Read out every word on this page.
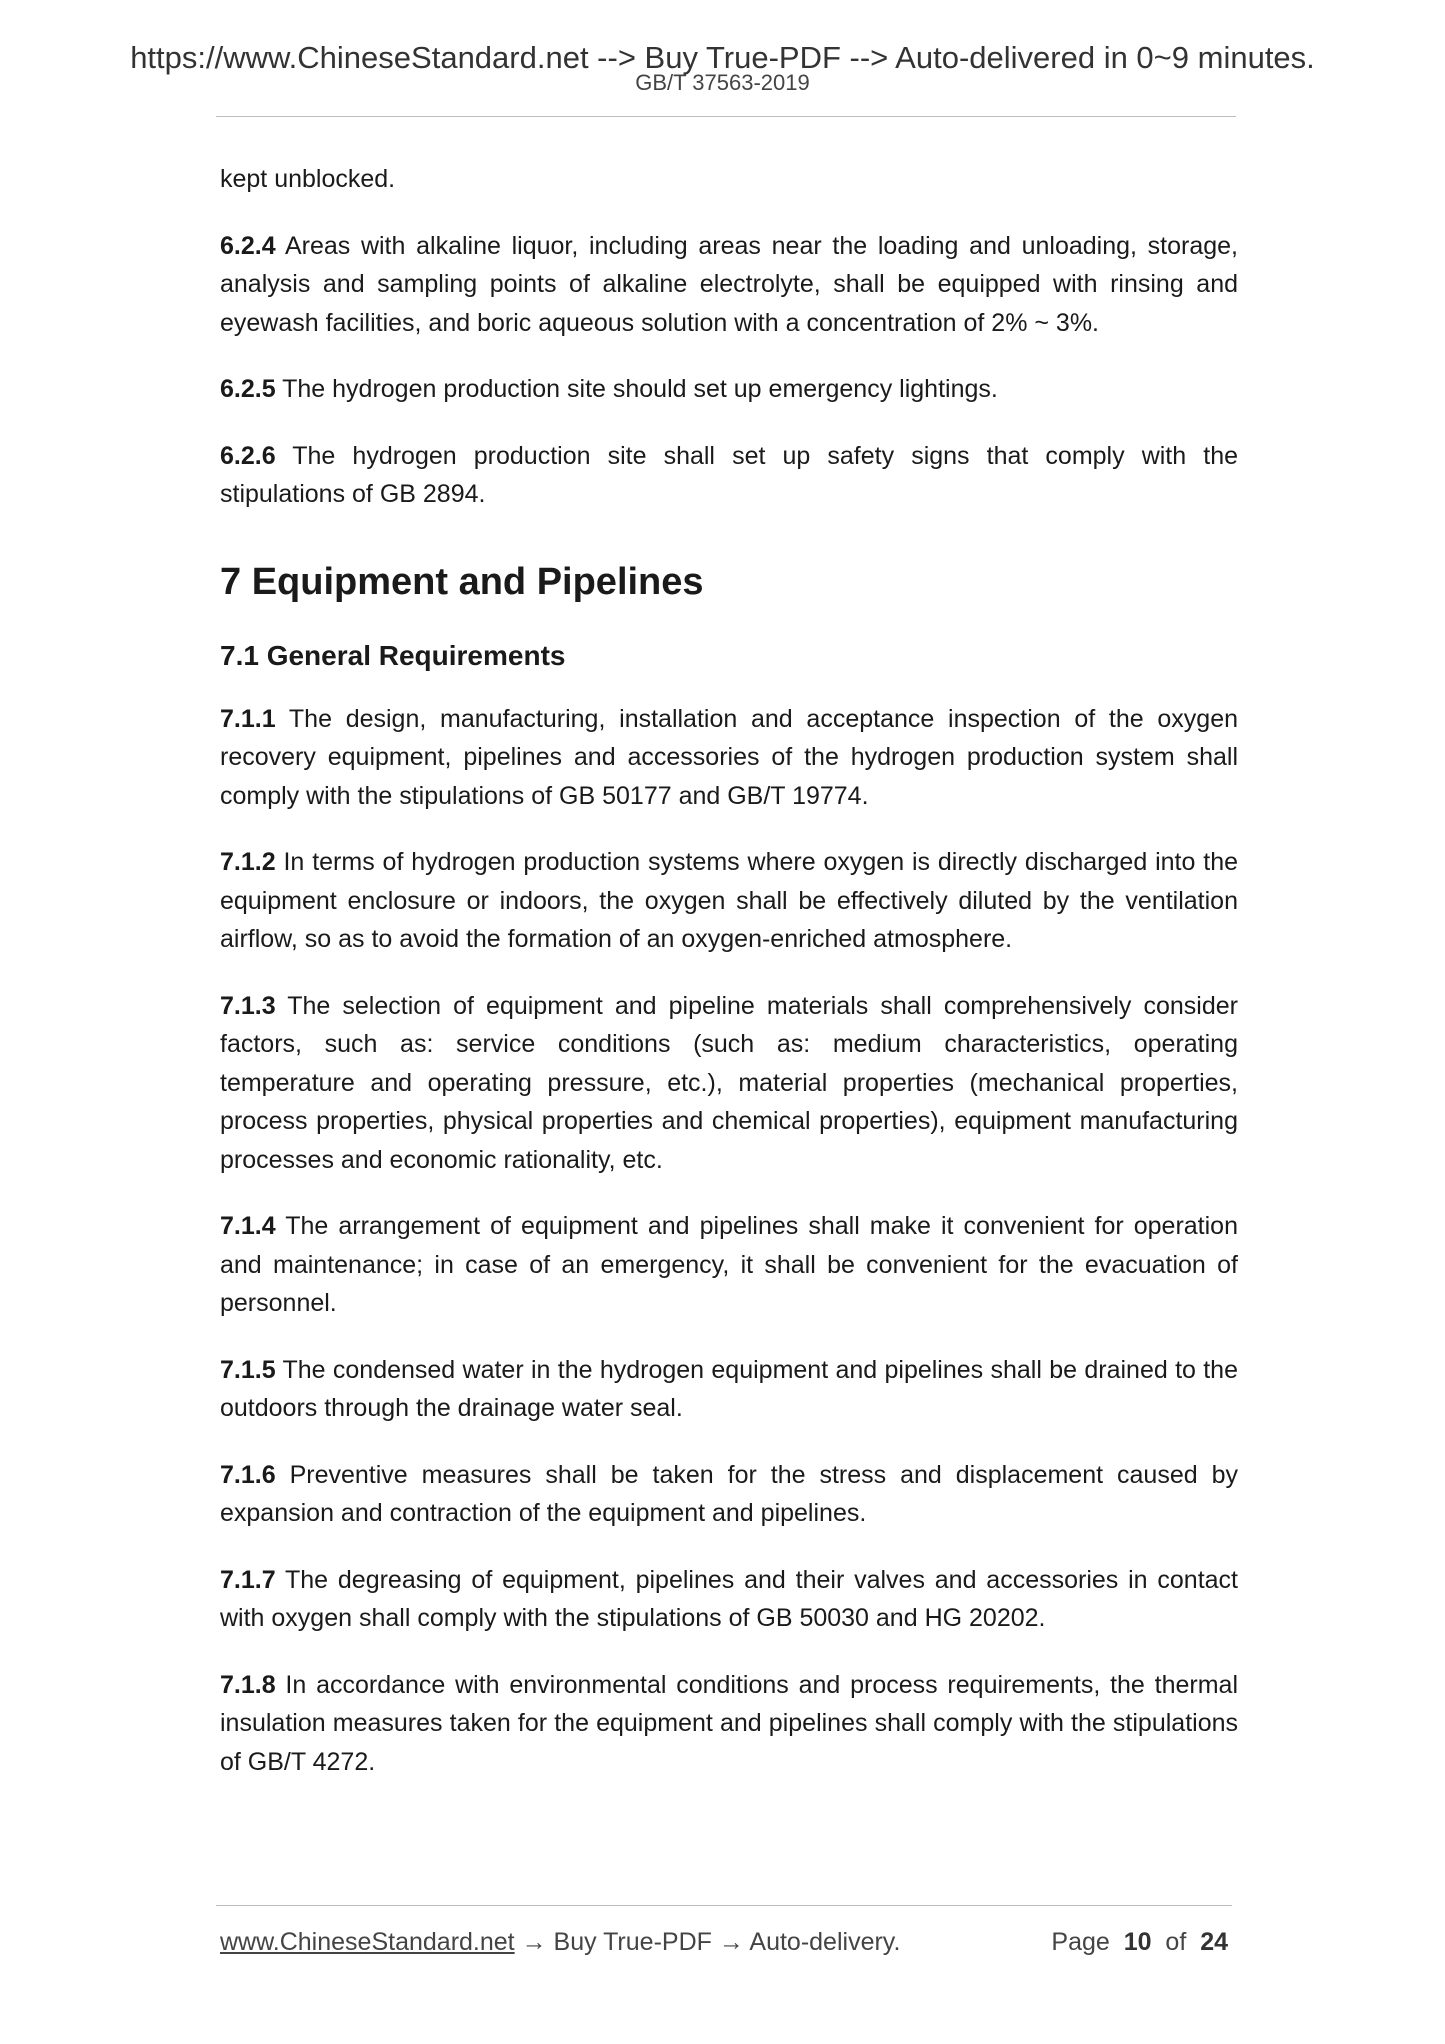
https://www.ChineseStandard.net --> Buy True-PDF --> Auto-delivered in 0~9 minutes.
GB/T 37563-2019

kept unblocked.

6.2.4 Areas with alkaline liquor, including areas near the loading and unloading, storage, analysis and sampling points of alkaline electrolyte, shall be equipped with rinsing and eyewash facilities, and boric aqueous solution with a concentration of 2% ~ 3%.

6.2.5 The hydrogen production site should set up emergency lightings.

6.2.6 The hydrogen production site shall set up safety signs that comply with the stipulations of GB 2894.

7 Equipment and Pipelines
7.1 General Requirements

7.1.1 The design, manufacturing, installation and acceptance inspection of the oxygen recovery equipment, pipelines and accessories of the hydrogen production system shall comply with the stipulations of GB 50177 and GB/T 19774.

7.1.2 In terms of hydrogen production systems where oxygen is directly discharged into the equipment enclosure or indoors, the oxygen shall be effectively diluted by the ventilation airflow, so as to avoid the formation of an oxygen-enriched atmosphere.

7.1.3 The selection of equipment and pipeline materials shall comprehensively consider factors, such as: service conditions (such as: medium characteristics, operating temperature and operating pressure, etc.), material properties (mechanical properties, process properties, physical properties and chemical properties), equipment manufacturing processes and economic rationality, etc.

7.1.4 The arrangement of equipment and pipelines shall make it convenient for operation and maintenance; in case of an emergency, it shall be convenient for the evacuation of personnel.

7.1.5 The condensed water in the hydrogen equipment and pipelines shall be drained to the outdoors through the drainage water seal.

7.1.6 Preventive measures shall be taken for the stress and displacement caused by expansion and contraction of the equipment and pipelines.

7.1.7 The degreasing of equipment, pipelines and their valves and accessories in contact with oxygen shall comply with the stipulations of GB 50030 and HG 20202.

7.1.8 In accordance with environmental conditions and process requirements, the thermal insulation measures taken for the equipment and pipelines shall comply with the stipulations of GB/T 4272.

www.ChineseStandard.net → Buy True-PDF → Auto-delivery.	Page 10 of 24
